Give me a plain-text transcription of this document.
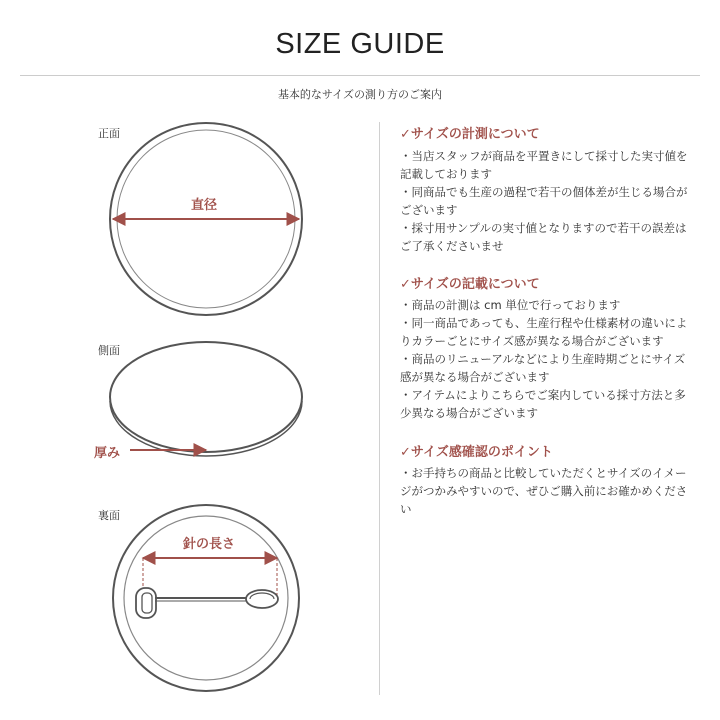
SIZE GUIDE
基本的なサイズの測り方のご案内
正面
側面
裏面
直径
厚み
針の長さ
✓サイズの計測について
・当店スタッフが商品を平置きにして採寸した実寸値を記載しております
・同商品でも生産の過程で若干の個体差が生じる場合がございます
・採寸用サンプルの実寸値となりますので若干の誤差はご了承くださいませ
✓サイズの記載について
・商品の計測は cm 単位で行っております
・同一商品であっても、生産行程や仕様素材の違いによりカラーごとにサイズ感が異なる場合がございます
・商品のリニューアルなどにより生産時期ごとにサイズ感が異なる場合がございます
・アイテムによりこちらでご案内している採寸方法と多少異なる場合がございます
✓サイズ感確認のポイント
・お手持ちの商品と比較していただくとサイズのイメージがつかみやすいので、ぜひご購入前にお確かめください
